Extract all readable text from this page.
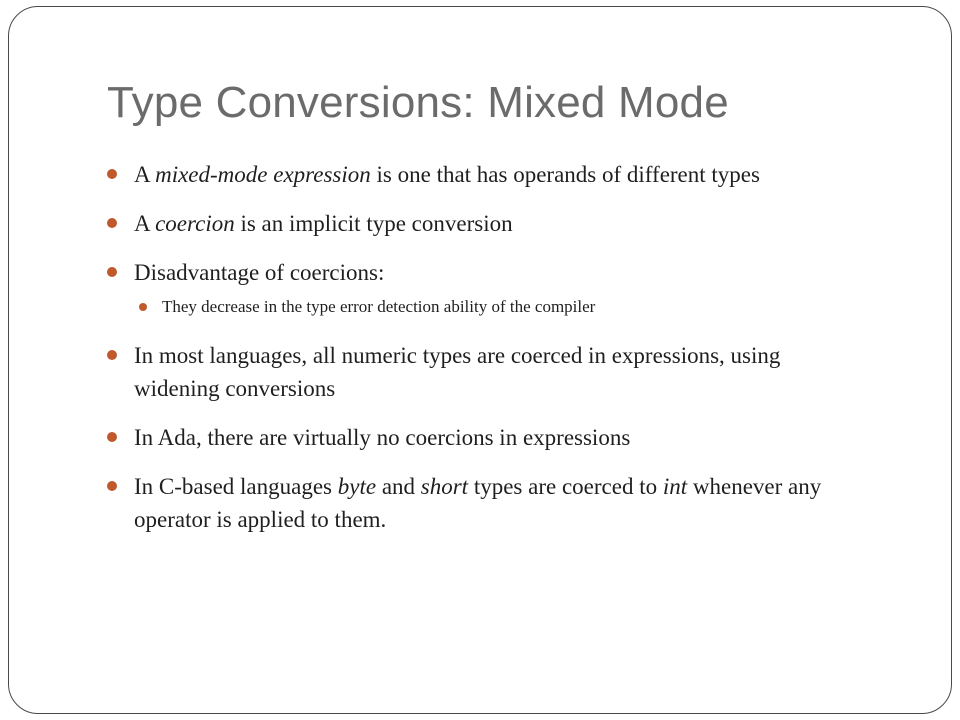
Type Conversions: Mixed Mode
A mixed-mode expression is one that has operands of different types
A coercion is an implicit type conversion
Disadvantage of coercions:
They decrease in the type error detection ability of the compiler
In most languages, all numeric types are coerced in expressions, using widening conversions
In Ada, there are virtually no coercions in expressions
In C-based languages byte and short types are coerced to int whenever any operator is applied to them.
